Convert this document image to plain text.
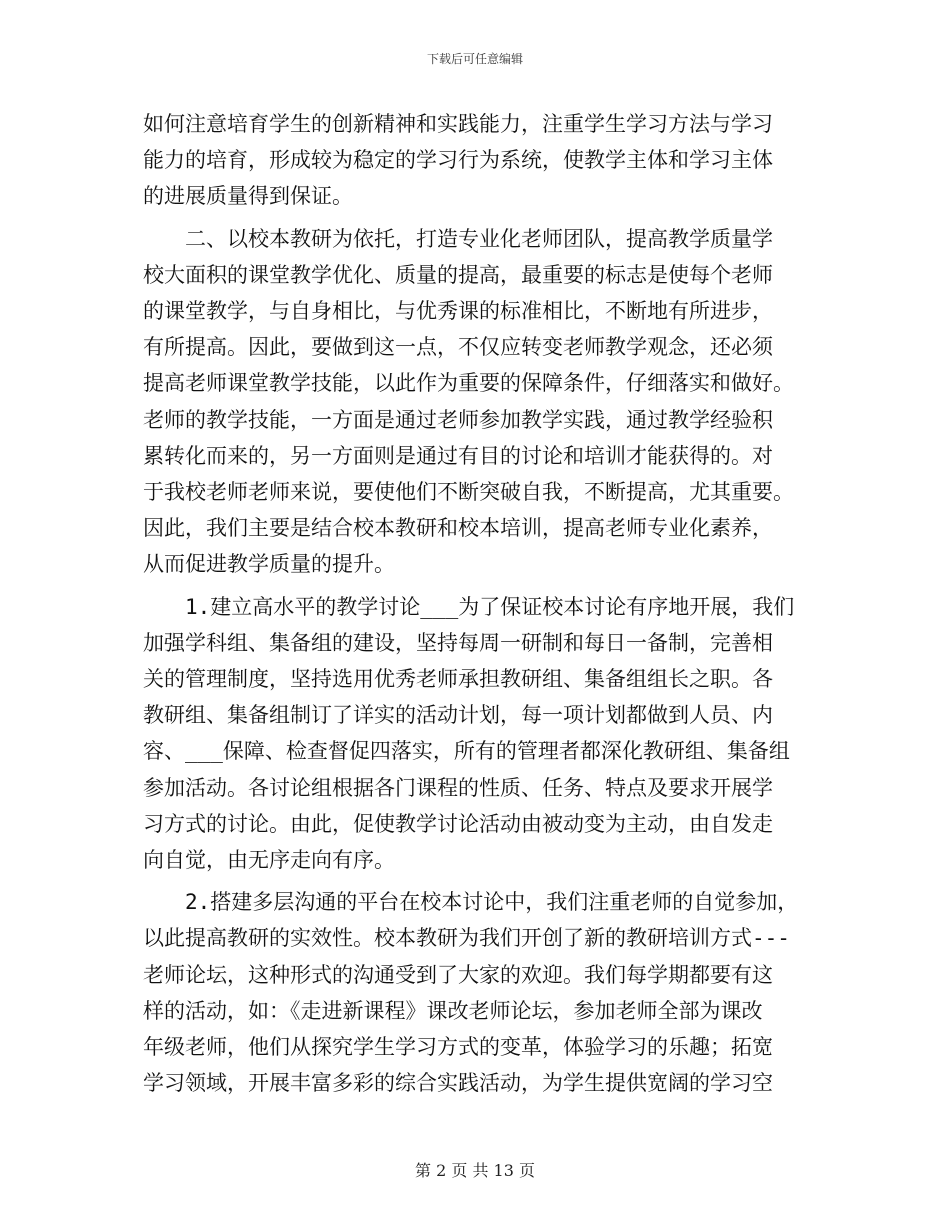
下载后可任意编辑
如何注意培育学生的创新精神和实践能力，注重学生学习方法与学习
能力的培育，形成较为稳定的学习行为系统，使教学主体和学习主体
的进展质量得到保证。
　　二、以校本教研为依托，打造专业化老师团队，提高教学质量学
校大面积的课堂教学优化、质量的提高，最重要的标志是使每个老师
的课堂教学，与自身相比，与优秀课的标准相比，不断地有所进步，
有所提高。因此，要做到这一点，不仅应转变老师教学观念，还必须
提高老师课堂教学技能，以此作为重要的保障条件，仔细落实和做好。
老师的教学技能，一方面是通过老师参加教学实践，通过教学经验积
累转化而来的，另一方面则是通过有目的讨论和培训才能获得的。对
于我校老师老师来说，要使他们不断突破自我，不断提高，尤其重要。
因此，我们主要是结合校本教研和校本培训，提高老师专业化素养，
从而促进教学质量的提升。
　　1.建立高水平的教学讨论___为了保证校本讨论有序地开展，我们
加强学科组、集备组的建设，坚持每周一研制和每日一备制，完善相
关的管理制度，坚持选用优秀老师承担教研组、集备组组长之职。各
教研组、集备组制订了详实的活动计划，每一项计划都做到人员、内
容、___保障、检查督促四落实，所有的管理者都深化教研组、集备组
参加活动。各讨论组根据各门课程的性质、任务、特点及要求开展学
习方式的讨论。由此，促使教学讨论活动由被动变为主动，由自发走
向自觉，由无序走向有序。
　　2.搭建多层沟通的平台在校本讨论中，我们注重老师的自觉参加，
以此提高教研的实效性。校本教研为我们开创了新的教研培训方式---
老师论坛，这种形式的沟通受到了大家的欢迎。我们每学期都要有这
样的活动，如：《走进新课程》课改老师论坛，参加老师全部为课改
年级老师，他们从探究学生学习方式的变革，体验学习的乐趣；拓宽
学习领域，开展丰富多彩的综合实践活动，为学生提供宽阔的学习空
第 2 页 共 13 页
